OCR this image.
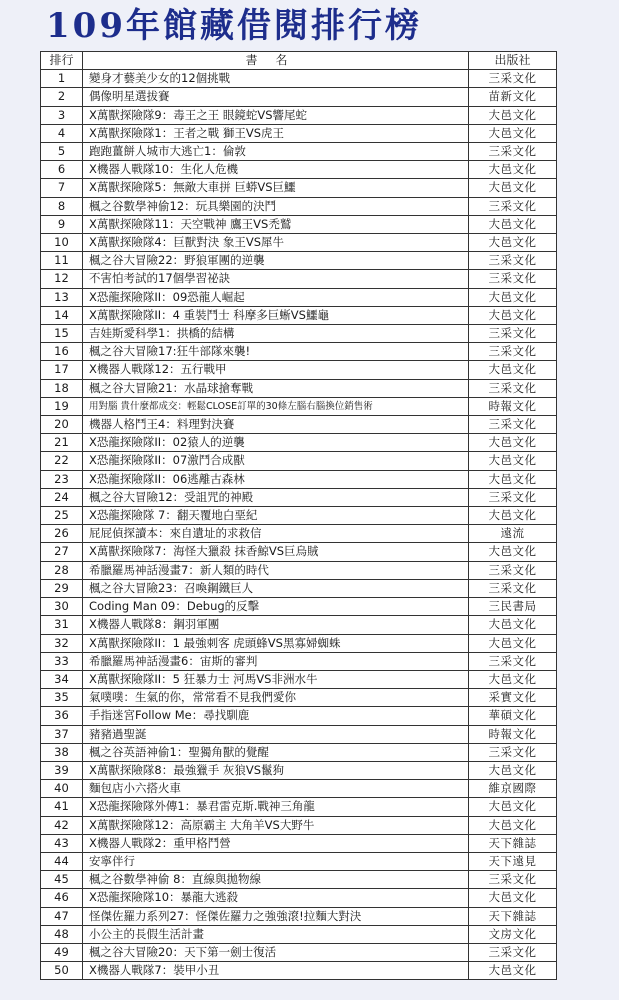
109年館藏借閱排行榜
排行	書名	出版社
1	變身才藝美少女的12個挑戰	三采文化
2	偶像明星選拔賽	苗新文化
3	X萬獸探險隊9：毒王之王 眼鏡蛇VS響尾蛇	大邑文化
4	X萬獸探險隊1：王者之戰 獅王VS虎王	大邑文化
5	跑跑薑餅人城市大逃亡1：倫敦	三采文化
6	X機器人戰隊10：生化人危機	大邑文化
7	X萬獸探險隊5：無敵大車拼 巨蟒VS巨鱷	大邑文化
8	楓之谷數學神偷12：玩具樂園的決鬥	三采文化
9	X萬獸探險隊11：天空戰神 鷹王VS禿鷲	大邑文化
10	X萬獸探險隊4：巨獸對決 象王VS犀牛	大邑文化
11	楓之谷大冒險22：野狼軍團的逆襲	三采文化
12	不害怕考試的17個學習祕訣	三采文化
13	X恐龍探險隊II：09恐龍人崛起	大邑文化
14	X萬獸探險隊II：4 重裝鬥士 科摩多巨蜥VS鱷龜	大邑文化
15	吉娃斯愛科學1：拱橋的結構	三采文化
16	楓之谷大冒險17:狂牛部隊來襲!	三采文化
17	X機器人戰隊12：五行戰甲	大邑文化
18	楓之谷大冒險21：水晶球搶奪戰	三采文化
19	用對腦 貴什麼都成交：輕鬆CLOSE訂單的30條左腦右腦換位銷售術	時報文化
20	機器人格鬥王4：料理對決賽	三采文化
21	X恐龍探險隊II：02猿人的逆襲	大邑文化
22	X恐龍探險隊II：07激鬥合成獸	大邑文化
23	X恐龍探險隊II：06逃離古森林	大邑文化
24	楓之谷大冒險12：受詛咒的神殿	三采文化
25	X恐龍探險隊 7：翻天覆地白堊紀	大邑文化
26	屁屁偵探讀本：來自遺址的求救信	遠流
27	X萬獸探險隊7：海怪大獵殺 抹香鯨VS巨烏賊	大邑文化
28	希臘羅馬神話漫畫7：新人類的時代	三采文化
29	楓之谷大冒險23：召喚鋼鐵巨人	三采文化
30	Coding Man 09：Debug的反擊	三民書局
31	X機器人戰隊8：鋼羽軍團	大邑文化
32	X萬獸探險隊II：1 最強刺客 虎頭蜂VS黑寡婦蜘蛛	大邑文化
33	希臘羅馬神話漫畫6：宙斯的審判	三采文化
34	X萬獸探險隊II：5 狂暴力士 河馬VS非洲水牛	大邑文化
35	氣噗噗：生氣的你，常常看不見我們愛你	采實文化
36	手指迷宮Follow Me：尋找馴鹿	華碩文化
37	豬豬過聖誕	時報文化
38	楓之谷英語神偷1：聖獨角獸的覺醒	三采文化
39	X萬獸探險隊8：最強獵手 灰狼VS鬣狗	大邑文化
40	麵包店小六搭火車	維京國際
41	X恐龍探險隊外傳1：暴君雷克斯.戰神三角龍	大邑文化
42	X萬獸探險隊12：高原霸主 大角羊VS大野牛	大邑文化
43	X機器人戰隊2：重甲格鬥營	天下雜誌
44	安寧伴行	天下遠見
45	楓之谷數學神偷 8：直線與拋物線	三采文化
46	X恐龍探險隊10：暴龍大逃殺	大邑文化
47	怪傑佐羅力系列27：怪傑佐羅力之強強滾!拉麵大對決	天下雜誌
48	小公主的長假生活計畫	文房文化
49	楓之谷大冒險20：天下第一劍士復活	三采文化
50	X機器人戰隊7：裝甲小丑	大邑文化
